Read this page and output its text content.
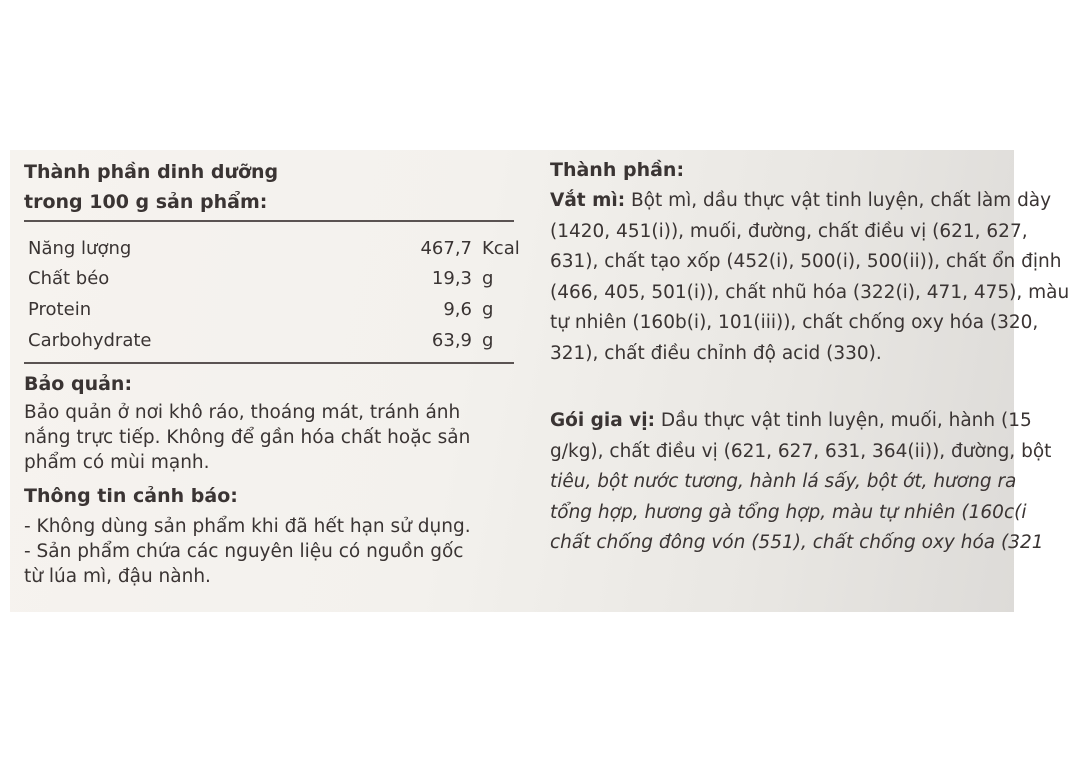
Thành phần dinh dưỡng

trong 100 g sản phẩm:

Năng lượng	467,7 Kcal
Chất béo	19,3 g
Protein	9,6 g
Carbohydrate	63,9 g

Bảo quản:

Bảo quản ở nơi khô ráo, thoáng mát, tránh ánh
nắng trực tiếp. Không để gần hóa chất hoặc sản
phẩm có mùi mạnh.

Thông tin cảnh báo:

- Không dùng sản phẩm khi đã hết hạn sử dụng.
- Sản phẩm chứa các nguyên liệu có nguồn gốc
từ lúa mì, đậu nành.

Thành phần:

Vắt mì: Bột mì, dầu thực vật tinh luyện, chất làm dày
(1420, 451(i)), muối, đường, chất điều vị (621, 627,
631), chất tạo xốp (452(i), 500(i), 500(ii)), chất ổn định
(466, 405, 501(i)), chất nhũ hóa (322(i), 471, 475), màu
tự nhiên (160b(i), 101(iii)), chất chống oxy hóa (320,
321), chất điều chỉnh độ acid (330).
Gói gia vị: Dầu thực vật tinh luyện, muối, hành (15
g/kg), chất điều vị (621, 627, 631, 364(ii)), đường, bột
tiêu, bột nước tương, hành lá sấy, bột ớt, hương ra
tổng hợp, hương gà tổng hợp, màu tự nhiên (160c(i
chất chống đông vón (551), chất chống oxy hóa (321
